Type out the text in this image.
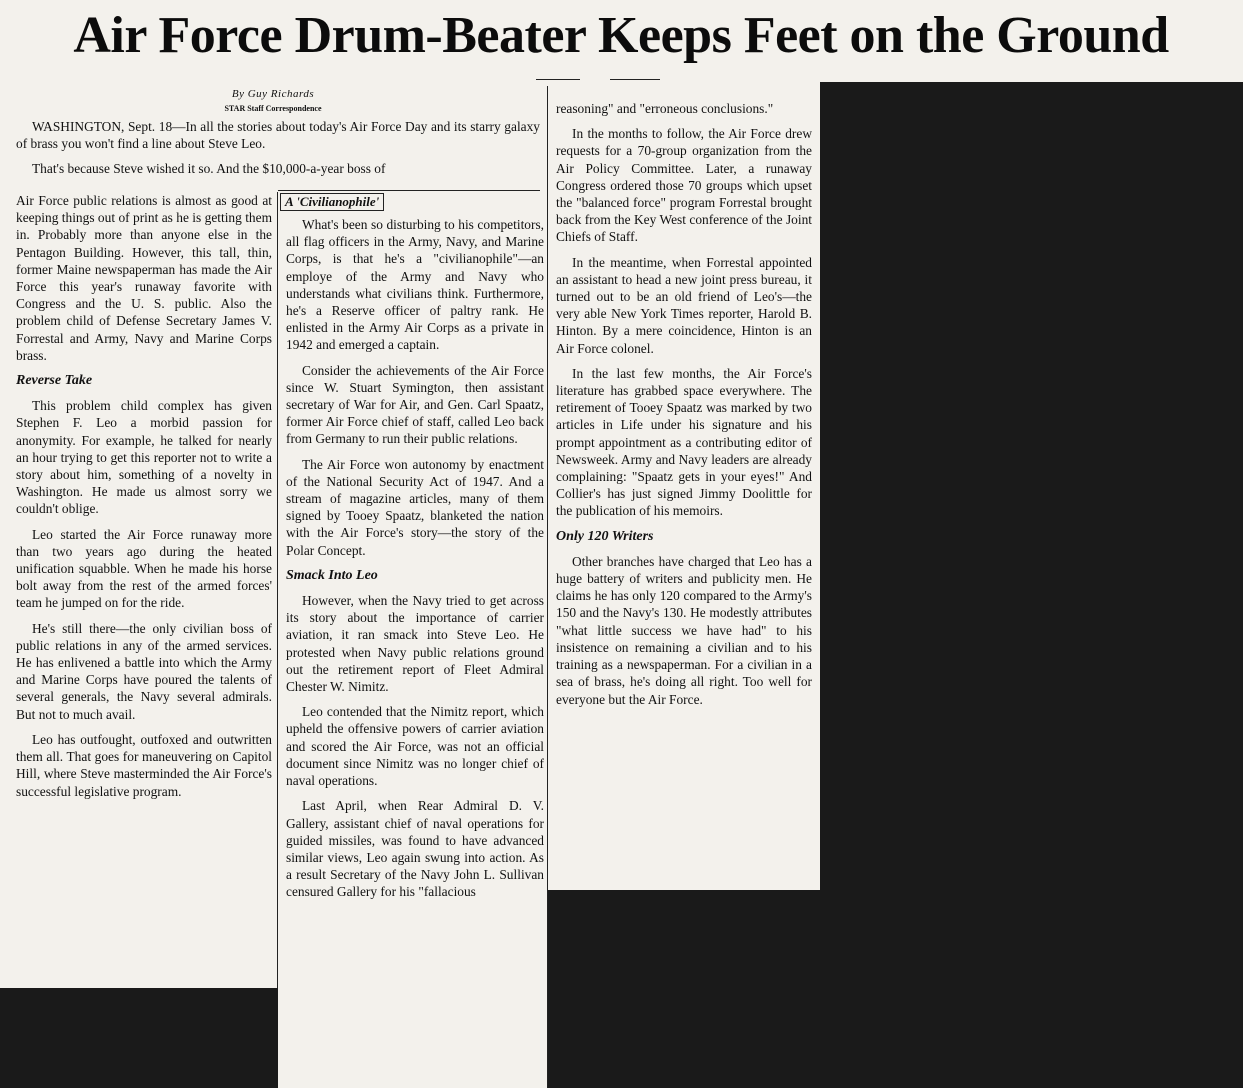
Air Force Drum-Beater Keeps Feet on the Ground
By Guy Richards
STAR Staff Correspondence

WASHINGTON, Sept. 18—In all the stories about today's Air Force Day and its starry galaxy of brass you won't find a line about Steve Leo.

That's because Steve wished it so. And the $10,000-a-year boss of

Air Force public relations is almost as good at keeping things out of print as he is getting them in. Probably more than anyone else in the Pentagon Building. However, this tall, thin, former Maine newspaperman has made the Air Force this year's runaway favorite with Congress and the U. S. public. Also the problem child of Defense Secretary James V. Forrestal and Army, Navy and Marine Corps brass.

Reverse Take

This problem child complex has given Stephen F. Leo a morbid passion for anonymity. For example, he talked for nearly an hour trying to get this reporter not to write a story about him, something of a novelty in Washington. He made us almost sorry we couldn't oblige.

Leo started the Air Force runaway more than two years ago during the heated unification squabble. When he made his horse bolt away from the rest of the armed forces' team he jumped on for the ride.

He's still there—the only civilian boss of public relations in any of the armed services. He has enlivened a battle into which the Army and Marine Corps have poured the talents of several generals, the Navy several admirals. But not to much avail.

Leo has outfought, outfoxed and outwritten them all. That goes for maneuvering on Capitol Hill, where Steve masterminded the Air Force's successful legislative program.

A 'Civilianophile'

What's been so disturbing to his competitors, all flag officers in the Army, Navy, and Marine Corps, is that he's a "civilianophile"—an employe of the Army and Navy who understands what civilians think. Furthermore, he's a Reserve officer of paltry rank. He enlisted in the Army Air Corps as a private in 1942 and emerged a captain.

Consider the achievements of the Air Force since W. Stuart Symington, then assistant secretary of War for Air, and Gen. Carl Spaatz, former Air Force chief of staff, called Leo back from Germany to run their public relations.

The Air Force won autonomy by enactment of the National Security Act of 1947. And a stream of magazine articles, many of them signed by Tooey Spaatz, blanketed the nation with the Air Force's story—the story of the Polar Concept.

Smack Into Leo

However, when the Navy tried to get across its story about the importance of carrier aviation, it ran smack into Steve Leo. He protested when Navy public relations ground out the retirement report of Fleet Admiral Chester W. Nimitz.

Leo contended that the Nimitz report, which upheld the offensive powers of carrier aviation and scored the Air Force, was not an official document since Nimitz was no longer chief of naval operations.

Last April, when Rear Admiral D. V. Gallery, assistant chief of naval operations for guided missiles, was found to have advanced similar views, Leo again swung into action. As a result Secretary of the Navy John L. Sullivan censured Gallery for his "fallacious

reasoning" and "erroneous conclusions."

In the months to follow, the Air Force drew requests for a 70-group organization from the Air Policy Committee. Later, a runaway Congress ordered those 70 groups which upset the "balanced force" program Forrestal brought back from the Key West conference of the Joint Chiefs of Staff.

In the meantime, when Forrestal appointed an assistant to head a new joint press bureau, it turned out to be an old friend of Leo's—the very able New York Times reporter, Harold B. Hinton. By a mere coincidence, Hinton is an Air Force colonel.

In the last few months, the Air Force's literature has grabbed space everywhere. The retirement of Tooey Spaatz was marked by two articles in Life under his signature and his prompt appointment as a contributing editor of Newsweek. Army and Navy leaders are already complaining: "Spaatz gets in your eyes!" And Collier's has just signed Jimmy Doolittle for the publication of his memoirs.

Only 120 Writers

Other branches have charged that Leo has a huge battery of writers and publicity men. He claims he has only 120 compared to the Army's 150 and the Navy's 130. He modestly attributes "what little success we have had" to his insistence on remaining a civilian and to his training as a newspaperman. For a civilian in a sea of brass, he's doing all right. Too well for everyone but the Air Force.
